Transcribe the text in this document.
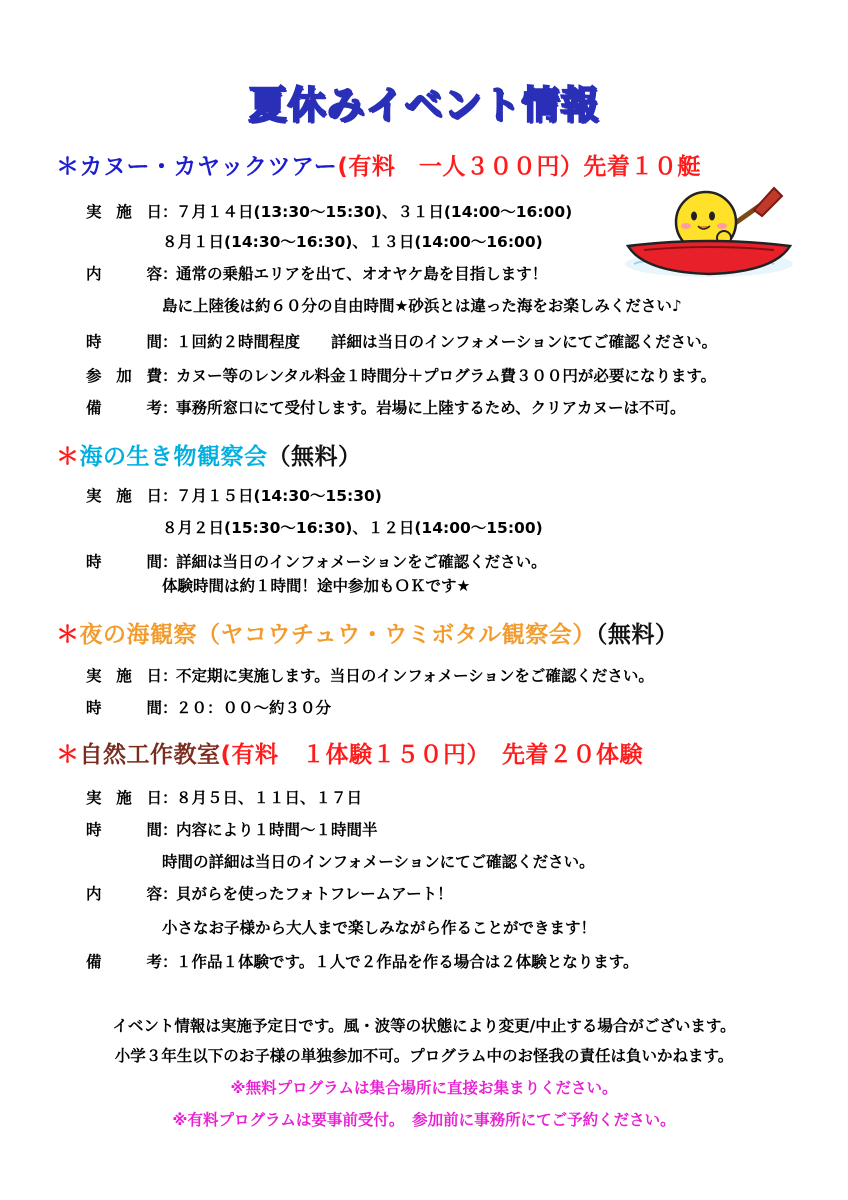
夏休みイベント情報
＊カヌー・カヤックツアー(有料　一人３００円）先着１０艇
実施日：７月１４日(13:30～15:30)、３１日(14:00～16:00)
８月１日(14:30～16:30)、１３日(14:00～16:00)
内　容：通常の乗船エリアを出て、オオヤケ島を目指します！
島に上陸後は約６０分の自由時間★砂浜とは違った海をお楽しみください♪
時　間：１回約２時間程度　　詳細は当日のインフォメーションにてご確認ください。
参加費：カヌー等のレンタル料金１時間分＋プログラム費３００円が必要になります。
備　考：事務所窓口にて受付します。岩場に上陸するため、クリアカヌーは不可。
＊海の生き物観察会（無料）
実施日：７月１５日(14:30～15:30)
８月２日(15:30～16:30)、１２日(14:00～15:00)
時　間：詳細は当日のインフォメーションをご確認ください。
体験時間は約１時間！途中参加もＯＫです★
＊夜の海観察（ヤコウチュウ・ウミボタル観察会）（無料）
実施日：不定期に実施します。当日のインフォメーションをご確認ください。
時　間：２０：００～約３０分
＊自然工作教室(有料　１体験１５０円）　先着２０体験
実施日：８月５日、１１日、１７日
時　間：内容により１時間～１時間半
時間の詳細は当日のインフォメーションにてご確認ください。
内　容：貝がらを使ったフォトフレームアート！
小さなお子様から大人まで楽しみながら作ることができます！
備　考：１作品１体験です。１人で２作品を作る場合は２体験となります。
イベント情報は実施予定日です。風・波等の状態により変更/中止する場合がございます。
小学３年生以下のお子様の単独参加不可。プログラム中のお怪我の責任は負いかねます。
※無料プログラムは集合場所に直接お集まりください。
※有料プログラムは要事前受付。　参加前に事務所にてご予約ください。
